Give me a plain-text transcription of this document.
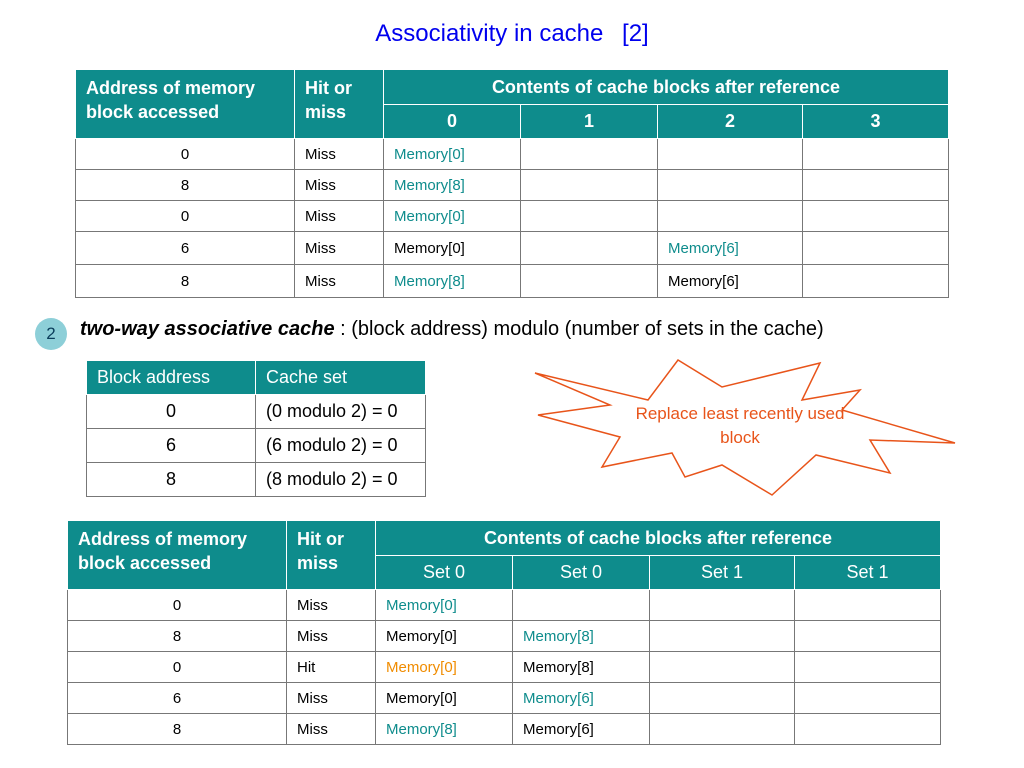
Associativity in cache [2]
Address of memory block accessed	Hit or miss	Contents of cache blocks after reference			
		0	1	2	3
0	Miss	Memory[0]			
8	Miss	Memory[8]			
0	Miss	Memory[0]			
6	Miss	Memory[0]		Memory[6]	
8	Miss	Memory[8]		Memory[6]	
2	two-way associative cache : (block address) modulo (number of sets in the cache)
Block address	Cache set
0	(0 modulo 2) = 0
6	(6 modulo 2) = 0
8	(8 modulo 2) = 0
Replace least recently used block
Address of memory block accessed	Hit or miss	Contents of cache blocks after reference			
		Set 0	Set 0	Set 1	Set 1
0	Miss	Memory[0]			
8	Miss	Memory[0]	Memory[8]		
0	Hit	Memory[0]	Memory[8]		
6	Miss	Memory[0]	Memory[6]		
8	Miss	Memory[8]	Memory[6]		
